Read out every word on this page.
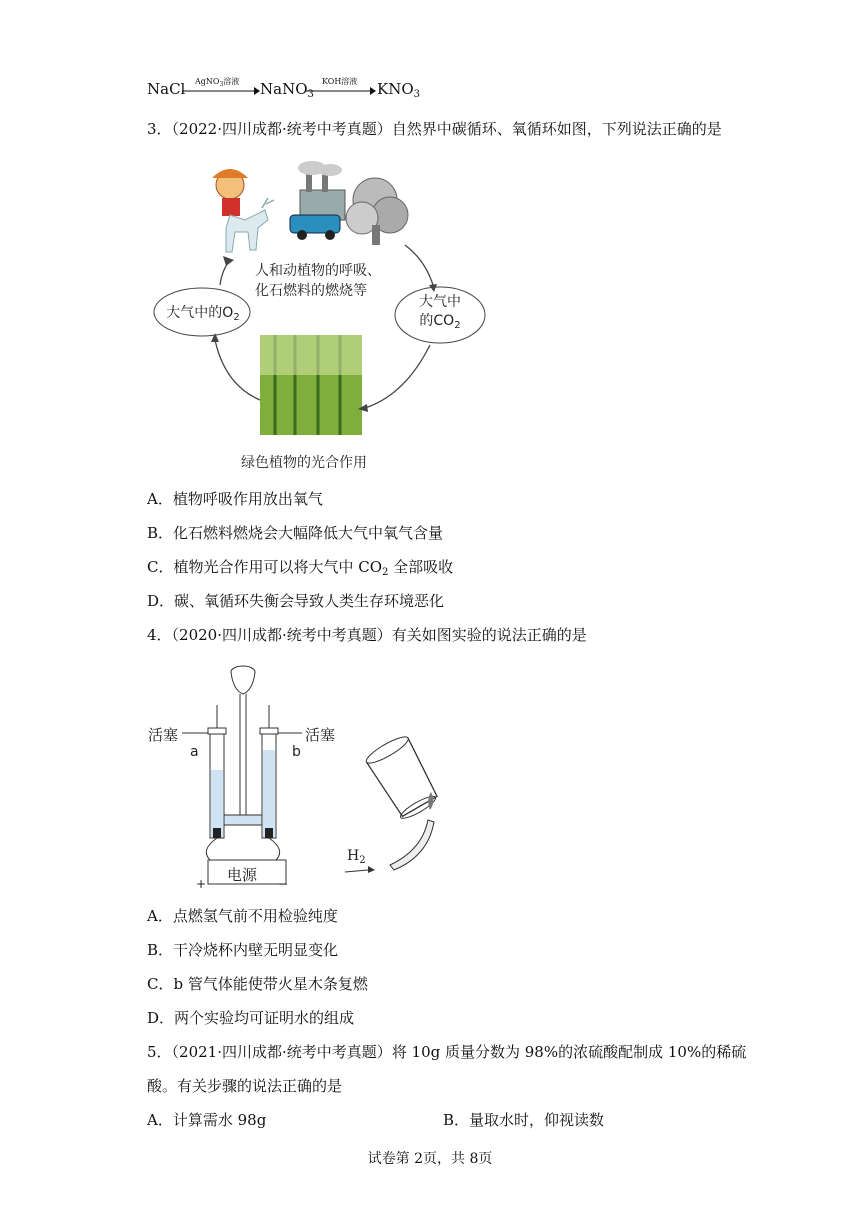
NaCl AgNO$_3$溶液 NaNO$_3$
KOH溶液 $KNO_3$
3．（2022·四川成都·统考中考真题）自然界中碳循环、氧循环如图，下列说法正确的是
人和动植物的呼吸、
化石燃料的燃烧等
大气中的$O_2$
大气中
的$CO_2$
绿色植物的光合作用
A．植物呼吸作用放出氧气
B．化石燃料燃烧会大幅降低大气中氧气含量
C．植物光合作用可以将大气中 $CO_2$ 全部吸收
D．碳、氧循环失衡会导致人类生存环境恶化
4．（2020·四川成都·统考中考真题）有关如图实验的说法正确的是
活塞	活塞
a	b
电源
+	−
$H_2$
A．点燃氢气前不用检验纯度
B．干冷烧杯内壁无明显变化
C．b 管气体能使带火星木条复燃
D．两个实验均可证明水的组成
5．（2021·四川成都·统考中考真题）将 10g 质量分数为 98%的浓硫酸配制成 10%的稀硫
酸。有关步骤的说法正确的是
A．计算需水 98g	B．量取水时，仰视读数
试卷第 2页，共 8页
